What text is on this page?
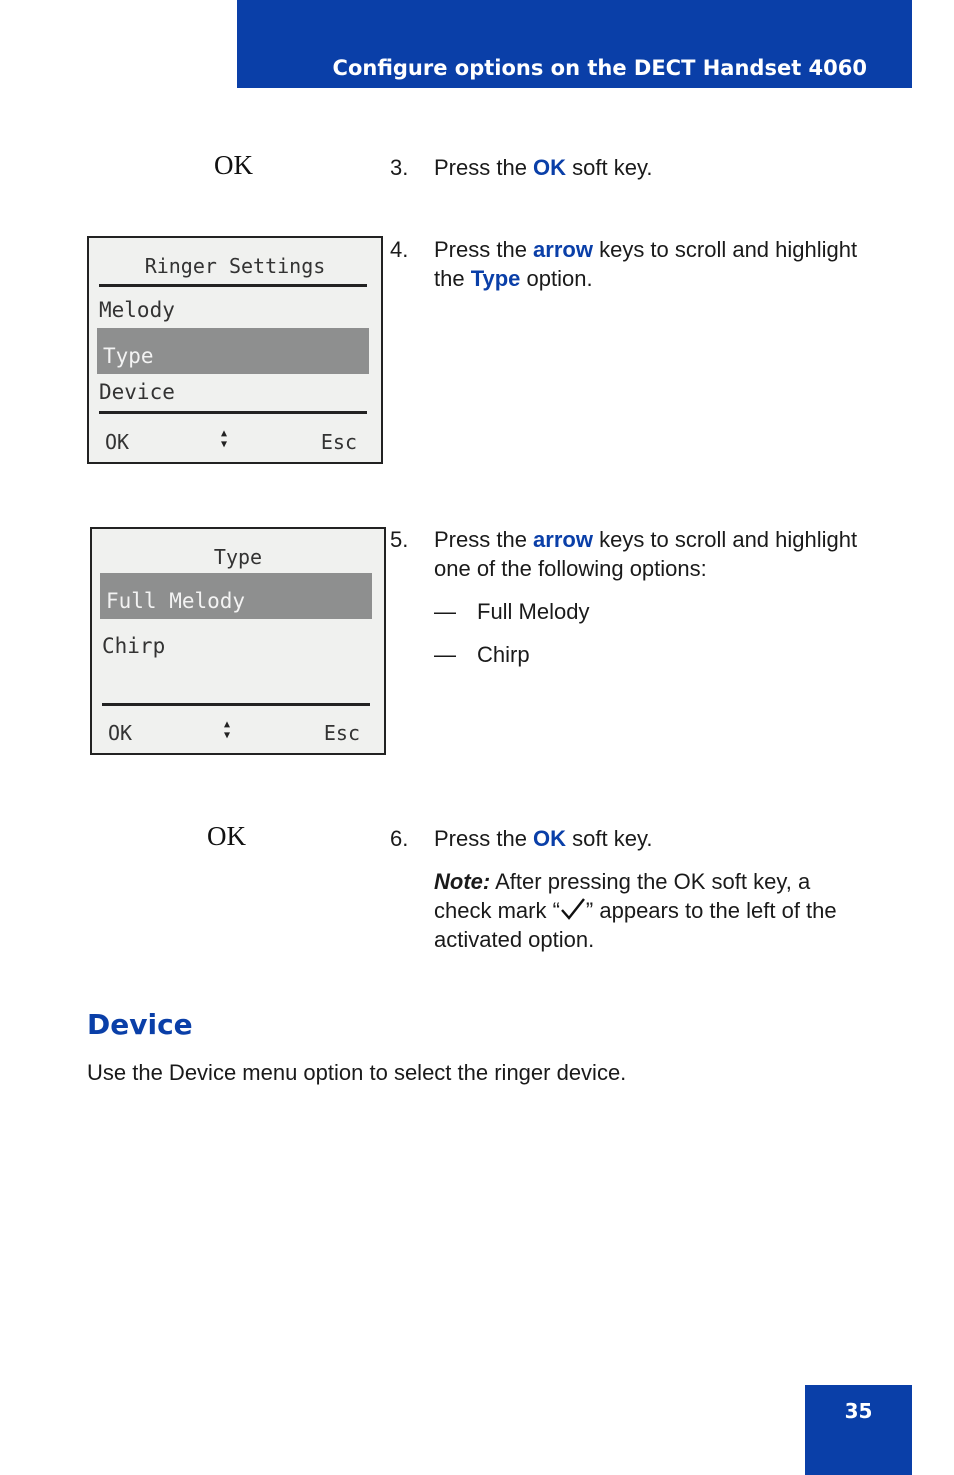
Configure options on the DECT Handset 4060
OK	3. Press the OK soft key.
Ringer Settings
Melody
Type
Device
OK	▲
▼	Esc
4. Press the arrow keys to scroll and highlight the Type option.
Type
Full Melody
Chirp
OK	▲
▼	Esc
5. Press the arrow keys to scroll and highlight one of the following options:
— Full Melody
— Chirp
OK	6. Press the OK soft key.
Note: After pressing the OK soft key, a check mark “ ” appears to the left of the activated option.
Device
Use the Device menu option to select the ringer device.
35
